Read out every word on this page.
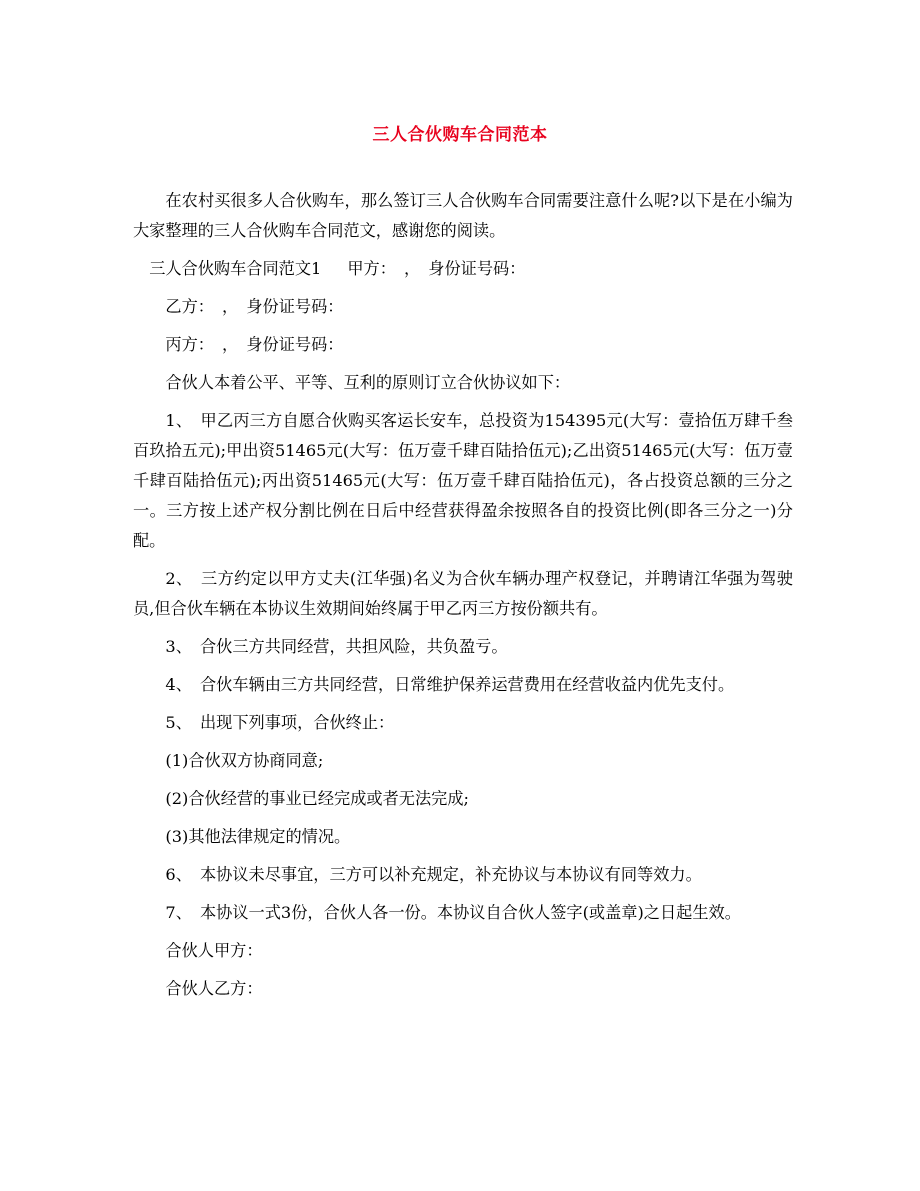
三人合伙购车合同范本

在农村买很多人合伙购车，那么签订三人合伙购车合同需要注意什么呢?以下是在小编为大家整理的三人合伙购车合同范文，感谢您的阅读。

三人合伙购车合同范文1 甲方：　，　身份证号码：

乙方：　，　身份证号码：

丙方：　，　身份证号码：

合伙人本着公平、平等、互利的原则订立合伙协议如下：

1、　甲乙丙三方自愿合伙购买客运长安车，总投资为154395元(大写：壹拾伍万肆千叁百玖拾五元);甲出资51465元(大写：伍万壹千肆百陆拾伍元);乙出资51465元(大写：伍万壹千肆百陆拾伍元);丙出资51465元(大写：伍万壹千肆百陆拾伍元)，各占投资总额的三分之一。三方按上述产权分割比例在日后中经营获得盈余按照各自的投资比例(即各三分之一)分配。

2、　三方约定以甲方丈夫(江华强)名义为合伙车辆办理产权登记，并聘请江华强为驾驶员,但合伙车辆在本协议生效期间始终属于甲乙丙三方按份额共有。

3、　合伙三方共同经营，共担风险，共负盈亏。

4、　合伙车辆由三方共同经营，日常维护保养运营费用在经营收益内优先支付。

5、　出现下列事项，合伙终止：

(1)合伙双方协商同意;

(2)合伙经营的事业已经完成或者无法完成;

(3)其他法律规定的情况。

6、　本协议未尽事宜，三方可以补充规定，补充协议与本协议有同等效力。

7、　本协议一式3份，合伙人各一份。本协议自合伙人签字(或盖章)之日起生效。

合伙人甲方：

合伙人乙方：
